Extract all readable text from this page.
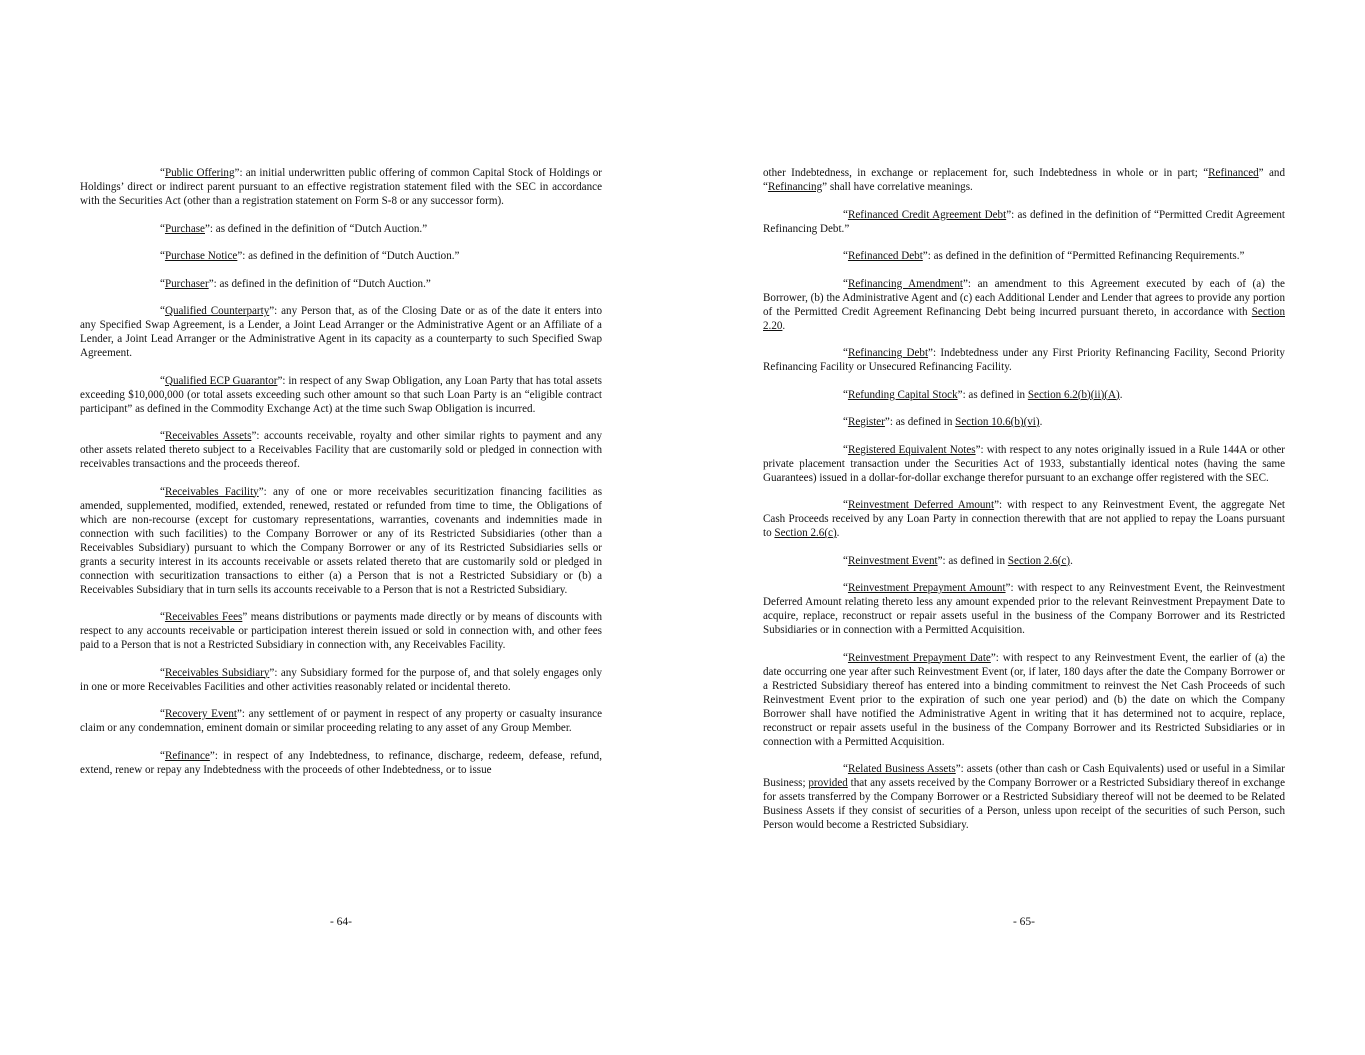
“Public Offering”: an initial underwritten public offering of common Capital Stock of Holdings or Holdings’ direct or indirect parent pursuant to an effective registration statement filed with the SEC in accordance with the Securities Act (other than a registration statement on Form S-8 or any successor form).

“Purchase”: as defined in the definition of “Dutch Auction.”

“Purchase Notice”: as defined in the definition of “Dutch Auction.”

“Purchaser”: as defined in the definition of “Dutch Auction.”

“Qualified Counterparty”: any Person that, as of the Closing Date or as of the date it enters into any Specified Swap Agreement, is a Lender, a Joint Lead Arranger or the Administrative Agent or an Affiliate of a Lender, a Joint Lead Arranger or the Administrative Agent in its capacity as a counterparty to such Specified Swap Agreement.

“Qualified ECP Guarantor”: in respect of any Swap Obligation, any Loan Party that has total assets exceeding $10,000,000 (or total assets exceeding such other amount so that such Loan Party is an “eligible contract participant” as defined in the Commodity Exchange Act) at the time such Swap Obligation is incurred.

“Receivables Assets”: accounts receivable, royalty and other similar rights to payment and any other assets related thereto subject to a Receivables Facility that are customarily sold or pledged in connection with receivables transactions and the proceeds thereof.

“Receivables Facility”: any of one or more receivables securitization financing facilities as amended, supplemented, modified, extended, renewed, restated or refunded from time to time, the Obligations of which are non-recourse (except for customary representations, warranties, covenants and indemnities made in connection with such facilities) to the Company Borrower or any of its Restricted Subsidiaries (other than a Receivables Subsidiary) pursuant to which the Company Borrower or any of its Restricted Subsidiaries sells or grants a security interest in its accounts receivable or assets related thereto that are customarily sold or pledged in connection with securitization transactions to either (a) a Person that is not a Restricted Subsidiary or (b) a Receivables Subsidiary that in turn sells its accounts receivable to a Person that is not a Restricted Subsidiary.

“Receivables Fees” means distributions or payments made directly or by means of discounts with respect to any accounts receivable or participation interest therein issued or sold in connection with, and other fees paid to a Person that is not a Restricted Subsidiary in connection with, any Receivables Facility.

“Receivables Subsidiary”: any Subsidiary formed for the purpose of, and that solely engages only in one or more Receivables Facilities and other activities reasonably related or incidental thereto.

“Recovery Event”: any settlement of or payment in respect of any property or casualty insurance claim or any condemnation, eminent domain or similar proceeding relating to any asset of any Group Member.

“Refinance”: in respect of any Indebtedness, to refinance, discharge, redeem, defease, refund, extend, renew or repay any Indebtedness with the proceeds of other Indebtedness, or to issue

- 64-

other Indebtedness, in exchange or replacement for, such Indebtedness in whole or in part; “Refinanced” and “Refinancing” shall have correlative meanings.

“Refinanced Credit Agreement Debt”: as defined in the definition of “Permitted Credit Agreement Refinancing Debt.”

“Refinanced Debt”: as defined in the definition of “Permitted Refinancing Requirements.”

“Refinancing Amendment”: an amendment to this Agreement executed by each of (a) the Borrower, (b) the Administrative Agent and (c) each Additional Lender and Lender that agrees to provide any portion of the Permitted Credit Agreement Refinancing Debt being incurred pursuant thereto, in accordance with Section 2.20.

“Refinancing Debt”: Indebtedness under any First Priority Refinancing Facility, Second Priority Refinancing Facility or Unsecured Refinancing Facility.

“Refunding Capital Stock”: as defined in Section 6.2(b)(ii)(A).

“Register”: as defined in Section 10.6(b)(vi).

“Registered Equivalent Notes”: with respect to any notes originally issued in a Rule 144A or other private placement transaction under the Securities Act of 1933, substantially identical notes (having the same Guarantees) issued in a dollar-for-dollar exchange therefor pursuant to an exchange offer registered with the SEC.

“Reinvestment Deferred Amount”: with respect to any Reinvestment Event, the aggregate Net Cash Proceeds received by any Loan Party in connection therewith that are not applied to repay the Loans pursuant to Section 2.6(c).

“Reinvestment Event”: as defined in Section 2.6(c).

“Reinvestment Prepayment Amount”: with respect to any Reinvestment Event, the Reinvestment Deferred Amount relating thereto less any amount expended prior to the relevant Reinvestment Prepayment Date to acquire, replace, reconstruct or repair assets useful in the business of the Company Borrower and its Restricted Subsidiaries or in connection with a Permitted Acquisition.

“Reinvestment Prepayment Date”: with respect to any Reinvestment Event, the earlier of (a) the date occurring one year after such Reinvestment Event (or, if later, 180 days after the date the Company Borrower or a Restricted Subsidiary thereof has entered into a binding commitment to reinvest the Net Cash Proceeds of such Reinvestment Event prior to the expiration of such one year period) and (b) the date on which the Company Borrower shall have notified the Administrative Agent in writing that it has determined not to acquire, replace, reconstruct or repair assets useful in the business of the Company Borrower and its Restricted Subsidiaries or in connection with a Permitted Acquisition.

“Related Business Assets”: assets (other than cash or Cash Equivalents) used or useful in a Similar Business; provided that any assets received by the Company Borrower or a Restricted Subsidiary thereof in exchange for assets transferred by the Company Borrower or a Restricted Subsidiary thereof will not be deemed to be Related Business Assets if they consist of securities of a Person, unless upon receipt of the securities of such Person, such Person would become a Restricted Subsidiary.

- 65-
